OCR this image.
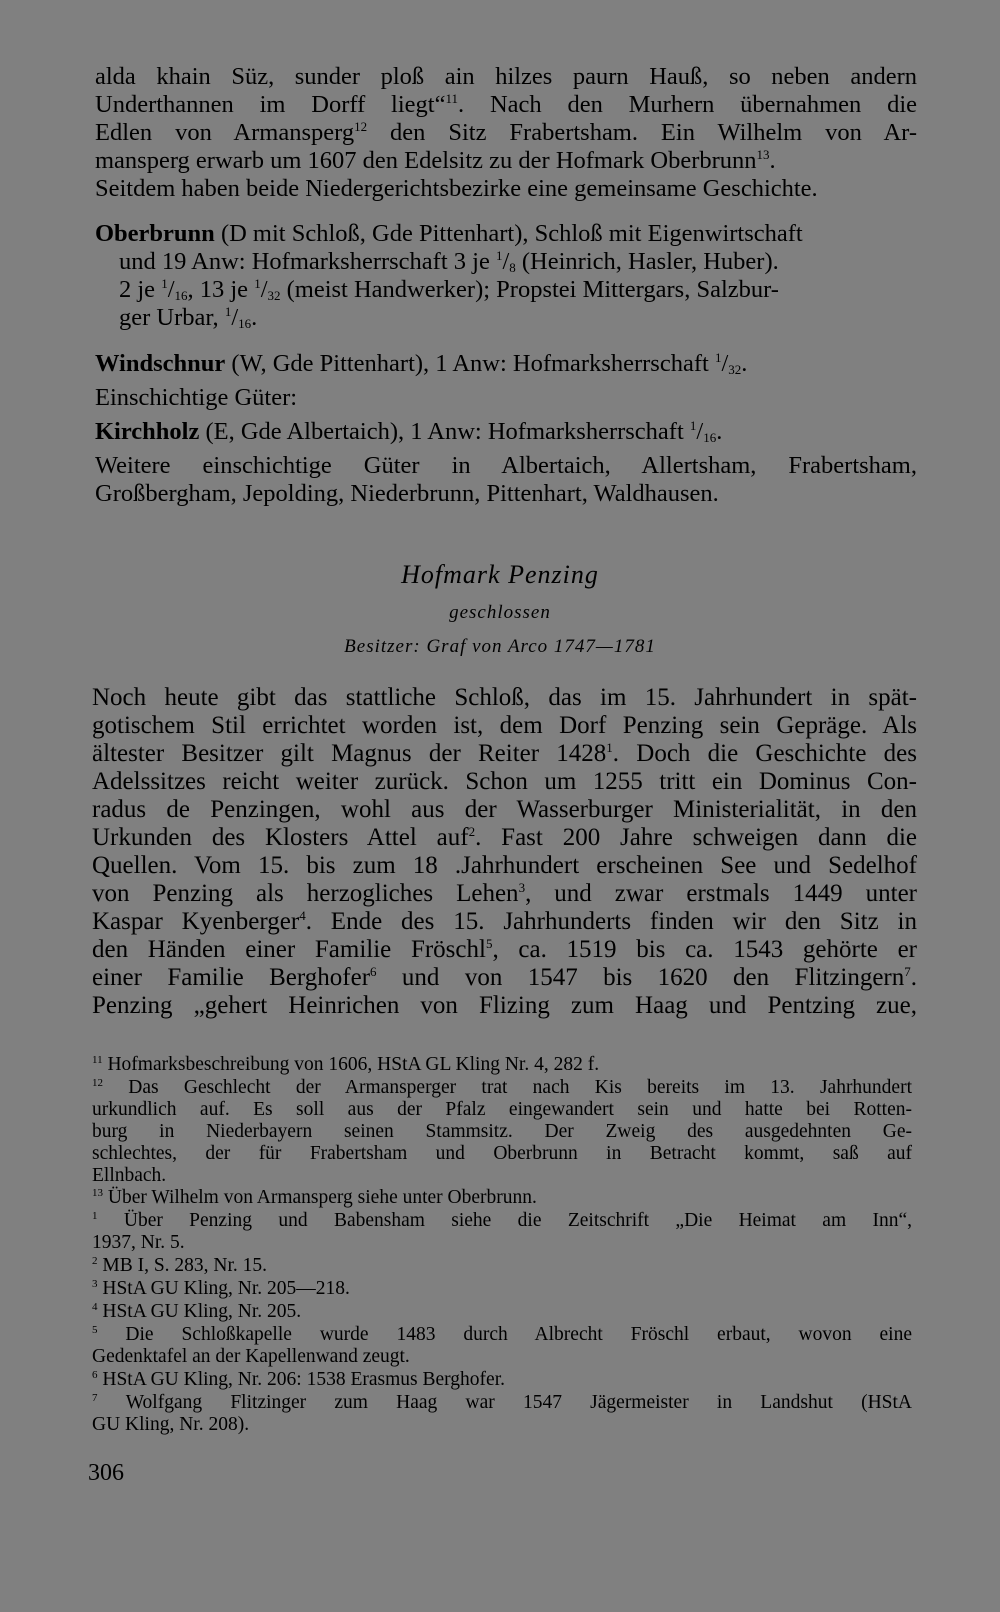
alda khain Süz, sunder ploß ain hilzes paurn Hauß, so neben andern
Underthannen im Dorff liegt“$^{11}$. Nach den Murhern übernahmen die
Edlen von Armansperg$^{12}$ den Sitz Frabertsham. Ein Wilhelm von Ar-
mansperg erwarb um 1607 den Edelsitz zu der Hofmark Oberbrunn$^{13}$.
Seitdem haben beide Niedergerichtsbezirke eine gemeinsame Geschichte.
Oberbrunn (D mit Schloß, Gde Pittenhart), Schloß mit Eigenwirtschaft
und 19 Anw: Hofmarksherrschaft 3 je $^1/_8$ (Heinrich, Hasler, Huber).
2 je $^1/_{16}$, 13 je $^1/_{32}$ (meist Handwerker); Propstei Mittergars, Salzbur-
ger Urbar, $^1/_{16}$.
Windschnur (W, Gde Pittenhart), 1 Anw: Hofmarksherrschaft $^1/_{32}$.
Einschichtige Güter:
Kirchholz (E, Gde Albertaich), 1 Anw: Hofmarksherrschaft $^1/_{16}$.
Weitere einschichtige Güter in Albertaich, Allertsham, Frabertsham,
Großbergham, Jepolding, Niederbrunn, Pittenhart, Waldhausen.
Hofmark Penzing
geschlossen
Besitzer: Graf von Arco 1747—1781
Noch heute gibt das stattliche Schloß, das im 15. Jahrhundert in spät-
gotischem Stil errichtet worden ist, dem Dorf Penzing sein Gepräge. Als
ältester Besitzer gilt Magnus der Reiter 1428$^1$. Doch die Geschichte des
Adelssitzes reicht weiter zurück. Schon um 1255 tritt ein Dominus Con-
radus de Penzingen, wohl aus der Wasserburger Ministerialität, in den
Urkunden des Klosters Attel auf$^2$. Fast 200 Jahre schweigen dann die
Quellen. Vom 15. bis zum 18 .Jahrhundert erscheinen See und Sedelhof
von Penzing als herzogliches Lehen$^3$, und zwar erstmals 1449 unter
Kaspar Kyenberger$^4$. Ende des 15. Jahrhunderts finden wir den Sitz in
den Händen einer Familie Fröschl$^5$, ca. 1519 bis ca. 1543 gehörte er
einer Familie Berghofer$^6$ und von 1547 bis 1620 den Flitzingern$^7$.
Penzing „gehert Heinrichen von Flizing zum Haag und Pentzing zue,
$^{11}$ Hofmarksbeschreibung von 1606, HStA GL Kling Nr. 4, 282 f.
$^{12}$ Das Geschlecht der Armansperger trat nach Kis bereits im 13. Jahrhundert
urkundlich auf. Es soll aus der Pfalz eingewandert sein und hatte bei Rotten-
burg in Niederbayern seinen Stammsitz. Der Zweig des ausgedehnten Ge-
schlechtes, der für Frabertsham und Oberbrunn in Betracht kommt, saß auf
Ellnbach.
$^{13}$ Über Wilhelm von Armansperg siehe unter Oberbrunn.
$^1$ Über Penzing und Babensham siehe die Zeitschrift „Die Heimat am Inn“,
1937, Nr. 5.
$^2$ MB I, S. 283, Nr. 15.
$^3$ HStA GU Kling, Nr. 205—218.
$^4$ HStA GU Kling, Nr. 205.
$^5$ Die Schloßkapelle wurde 1483 durch Albrecht Fröschl erbaut, wovon eine
Gedenktafel an der Kapellenwand zeugt.
$^6$ HStA GU Kling, Nr. 206: 1538 Erasmus Berghofer.
$^7$ Wolfgang Flitzinger zum Haag war 1547 Jägermeister in Landshut (HStA
GU Kling, Nr. 208).
306
